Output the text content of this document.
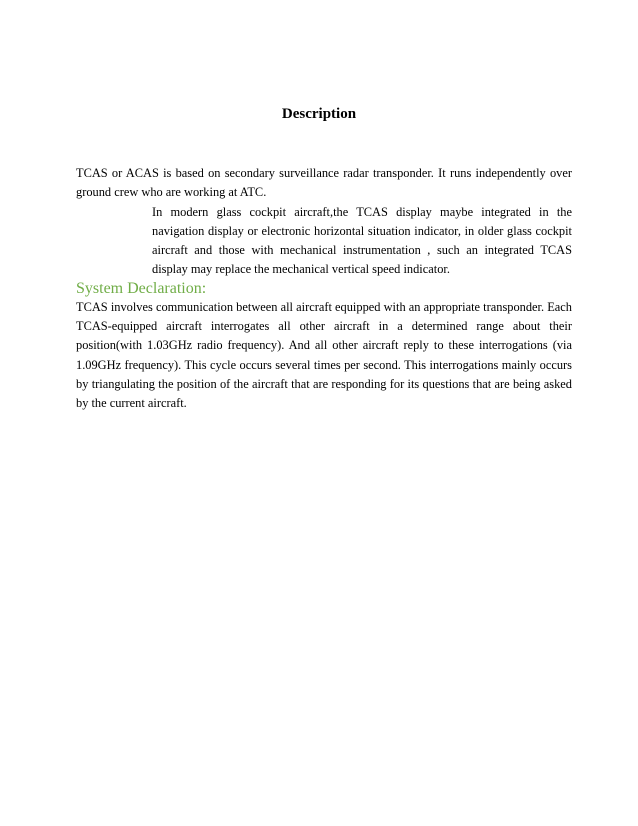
Description

TCAS or ACAS is based on secondary surveillance radar transponder. It runs independently over ground crew who are working at ATC.

In modern glass cockpit aircraft,the TCAS display maybe integrated in the navigation display or electronic horizontal situation indicator, in older glass cockpit aircraft and those with mechanical instrumentation , such an integrated TCAS display may replace the mechanical vertical speed indicator.

System Declaration:

TCAS involves communication between all aircraft equipped with an appropriate transponder. Each TCAS-equipped aircraft interrogates all other aircraft in a determined range about their position(with 1.03GHz radio frequency). And all other aircraft reply to these interrogations (via 1.09GHz frequency). This cycle occurs several times per second. This interrogations mainly occurs by triangulating the position of the aircraft that are responding for its questions that are being asked by the current aircraft.
